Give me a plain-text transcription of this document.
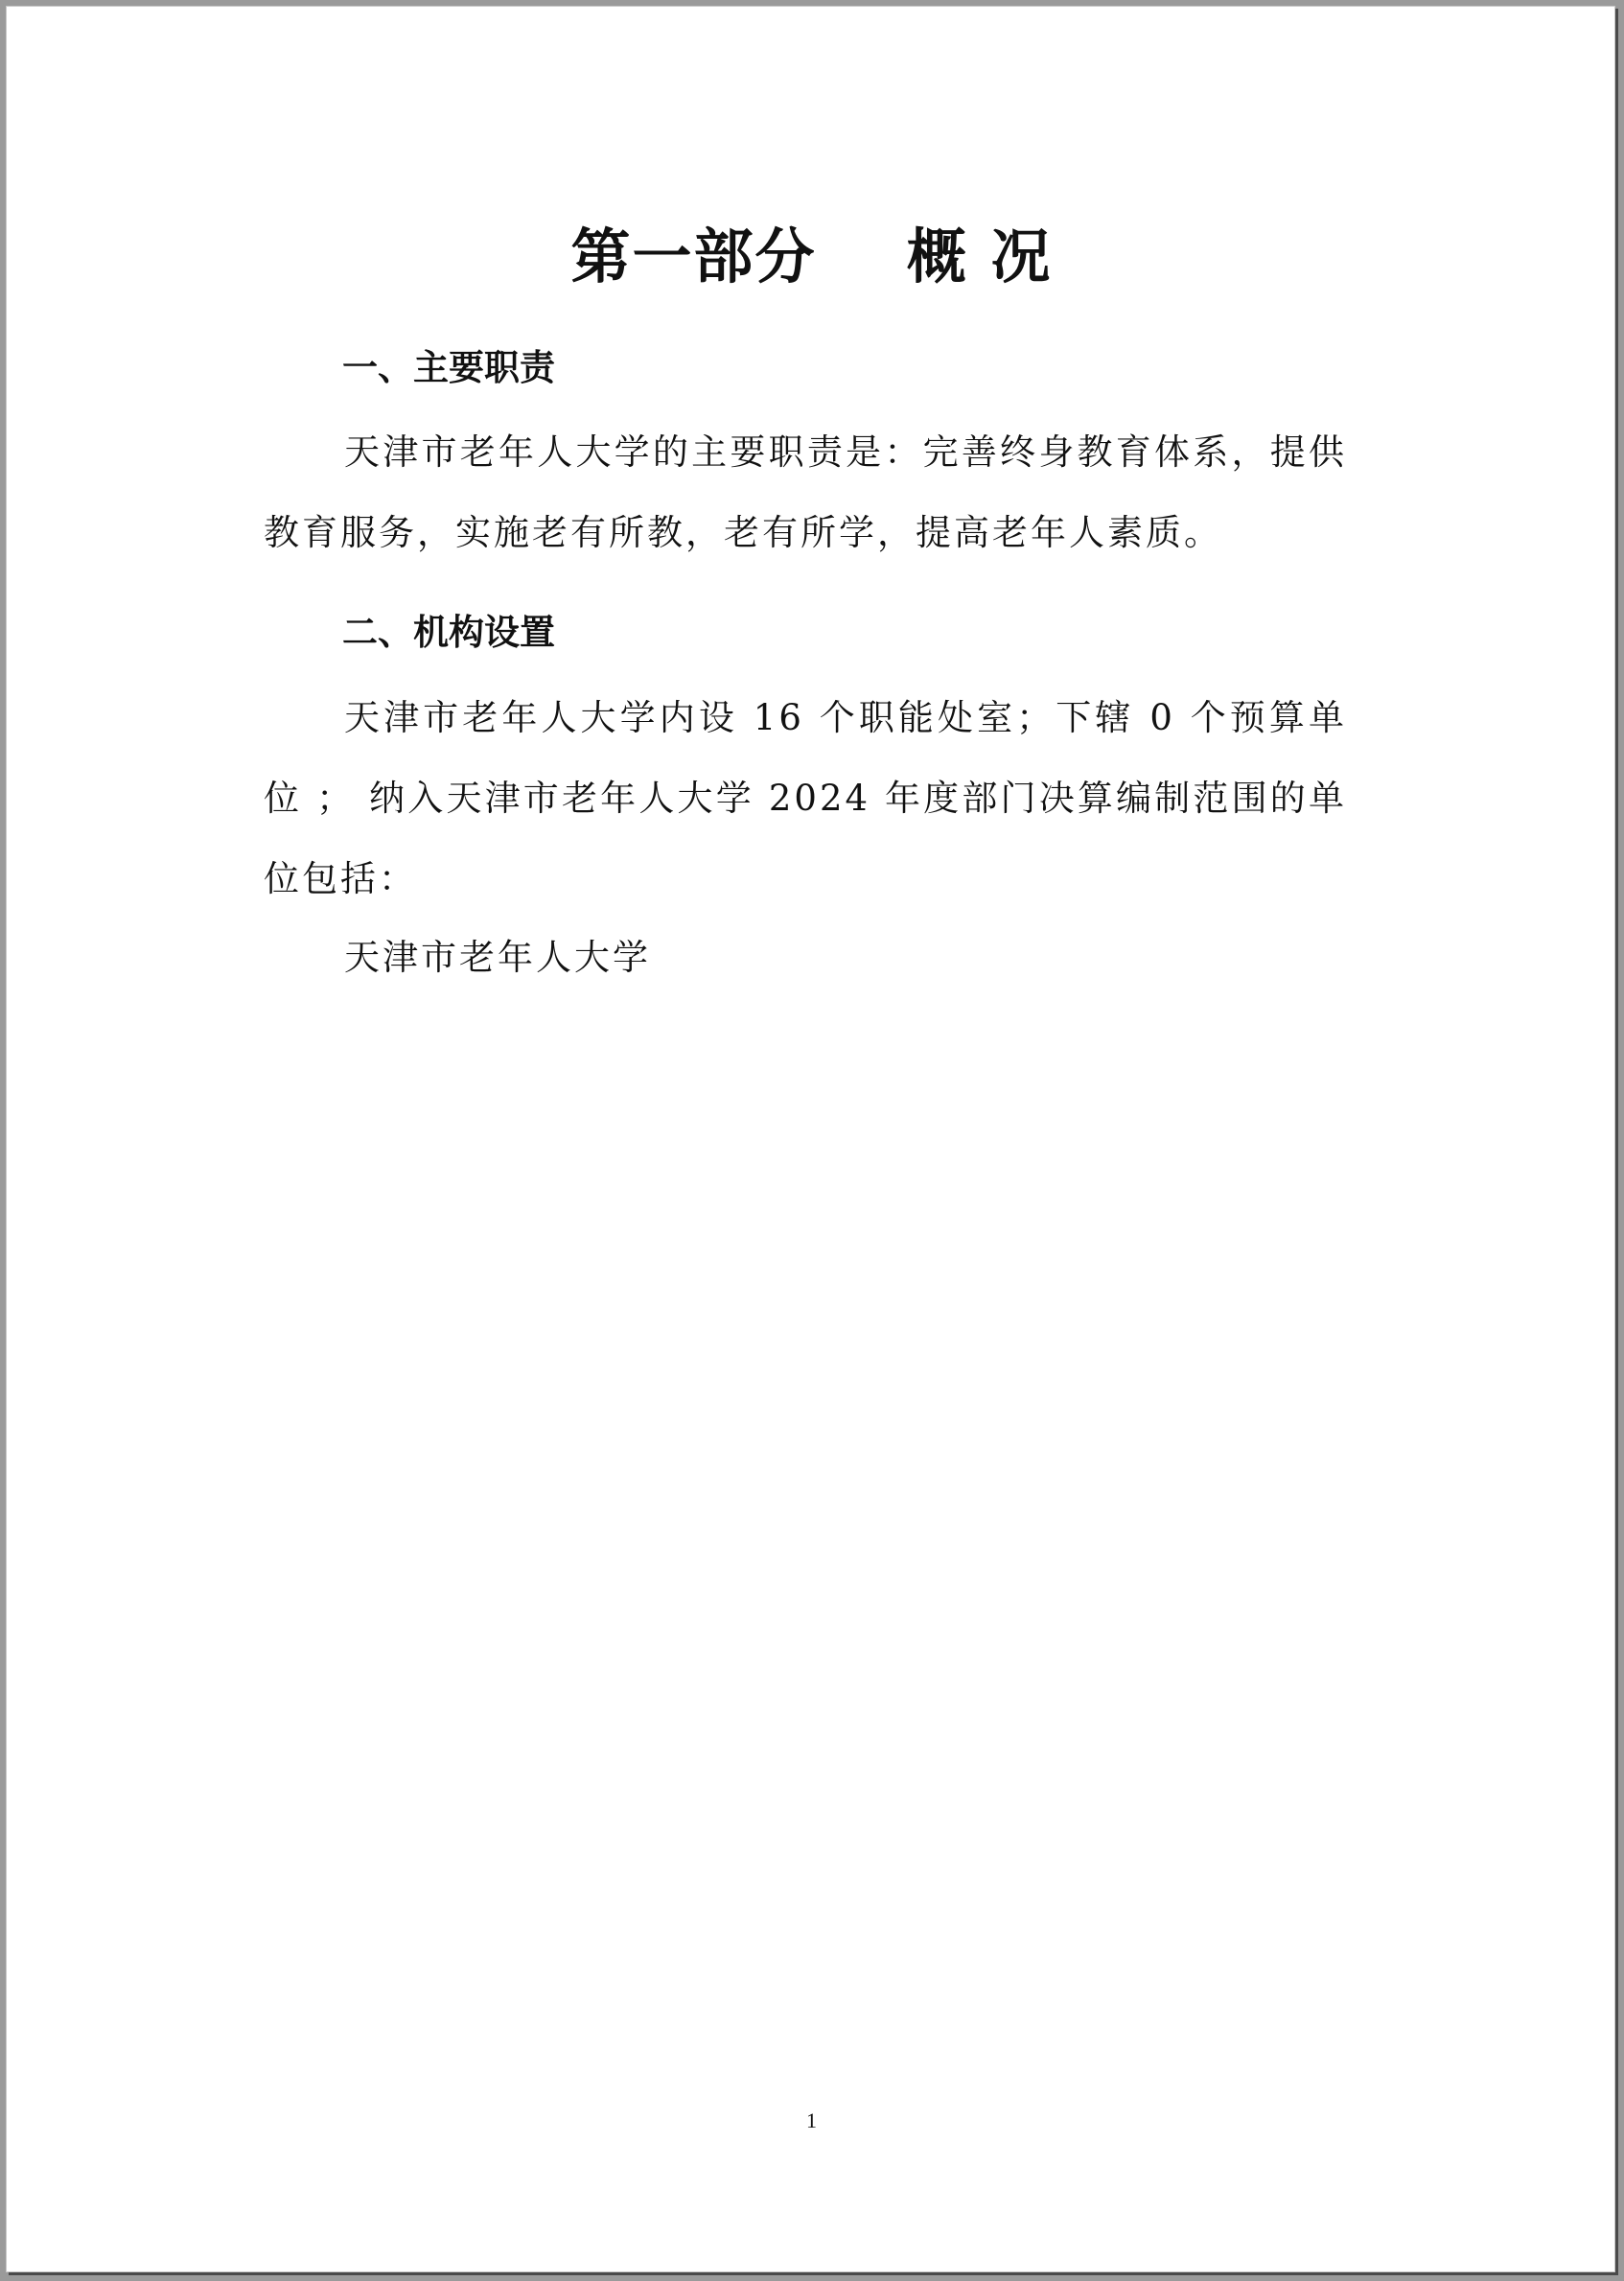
第一部分    概 况
一、主要职责

天津市老年人大学的主要职责是：完善终身教育体系，提供教育服务，实施老有所教，老有所学，提高老年人素质。

二、机构设置

天津市老年人大学内设 16 个职能处室；下辖 0 个预算单位 ； 纳入天津市老年人大学 2024 年度部门决算编制范围的单位包括：

天津市老年人大学

1
